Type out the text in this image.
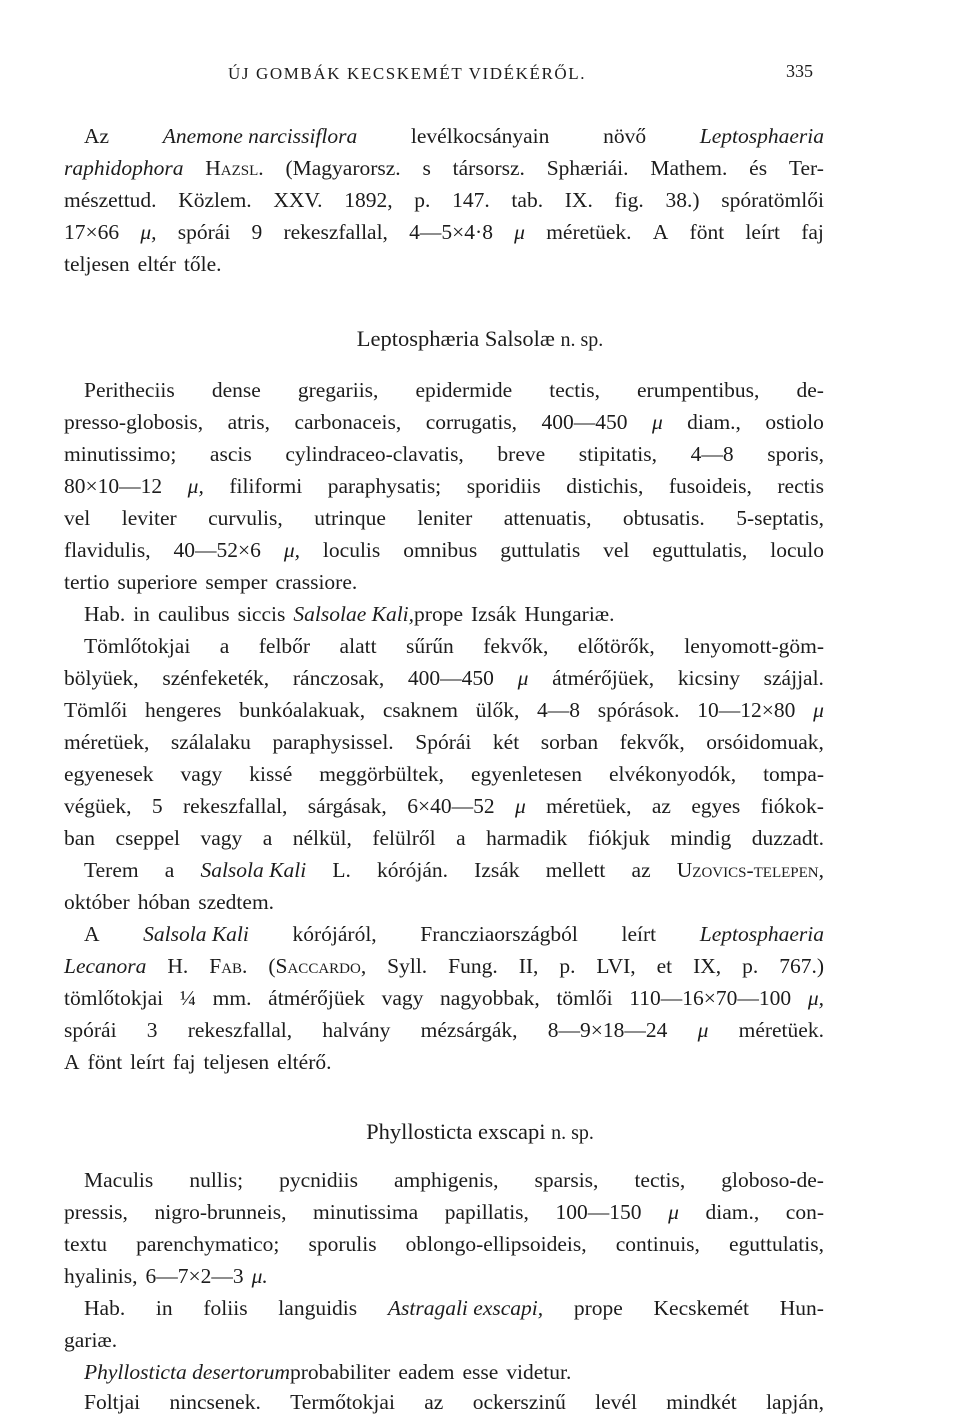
ÚJ GOMBÁK KECSKEMÉT VIDÉKÉRŐL.	335
Az Anemone narcissiflora levélkocsányain növő Leptosphaeria
raphidophora Hazsl. (Magyarorsz. s társorsz. Sphæriái. Mathem. és Ter-
mészettud. Közlem. XXV. 1892, p. 147. tab. IX. fig. 38.) spóratömlői
17×66 μ, spórái 9 rekeszfallal, 4—5×4·8 μ méretüek. A fönt leírt faj
teljesen eltér tőle.
Leptosphæria Salsolæ n. sp.
Peritheciis dense gregariis, epidermide tectis, erumpentibus, de-
presso-globosis, atris, carbonaceis, corrugatis, 400—450 μ diam., ostiolo
minutissimo; ascis cylindraceo-clavatis, breve stipitatis, 4—8 sporis,
80×10—12 μ, filiformi paraphysatis; sporidiis distichis, fusoideis, rectis
vel leviter curvulis, utrinque leniter attenuatis, obtusatis. 5-septatis,
flavidulis, 40—52×6 μ, loculis omnibus guttulatis vel eguttulatis, loculo
tertio superiore semper crassiore.
Hab. in caulibus siccis Salsolae Kali, prope Izsák Hungariæ.
Tömlőtokjai a felbőr alatt sűrűn fekvők, előtörők, lenyomott-göm-
bölyüek, szénfeketék, ránczosak, 400—450 μ átmérőjüek, kicsiny szájjal.
Tömlői hengeres bunkóalakuak, csaknem ülők, 4—8 spórások. 10—12×80 μ
méretüek, szálalaku paraphysissel. Spórái két sorban fekvők, orsóidomuak,
egyenesek vagy kissé meggörbültek, egyenletesen elvékonyodók, tompa-
végüek, 5 rekeszfallal, sárgásak, 6×40—52 μ méretüek, az egyes fiókok-
ban cseppel vagy a nélkül, felülről a harmadik fiókjuk mindig duzzadt.
Terem a Salsola Kali L. kóróján. Izsák mellett az Uzovics-telepen,
október hóban szedtem.
A Salsola Kali kórójáról, Francziaországból leírt Leptosphaeria
Lecanora H. Fab. (Saccardo, Syll. Fung. II, p. LVI, et IX, p. 767.)
tömlőtokjai ¼ mm. átmérőjüek vagy nagyobbak, tömlői 110—16×70—100 μ,
spórái 3 rekeszfallal, halvány mézsárgák, 8—9×18—24 μ méretüek.
A fönt leírt faj teljesen eltérő.
Phyllosticta exscapi n. sp.
Maculis nullis; pycnidiis amphigenis, sparsis, tectis, globoso-de-
pressis, nigro-brunneis, minutissima papillatis, 100—150 μ diam., con-
textu parenchymatico; sporulis oblongo-ellipsoideis, continuis, eguttulatis,
hyalinis, 6—7×2—3 μ.
Hab. in foliis languidis Astragali exscapi, prope Kecskemét Hun-
gariæ.
Phyllosticta desertorum probabiliter eadem esse videtur.
Foltjai nincsenek. Termőtokjai az ockerszinű levél mindkét lapján,
